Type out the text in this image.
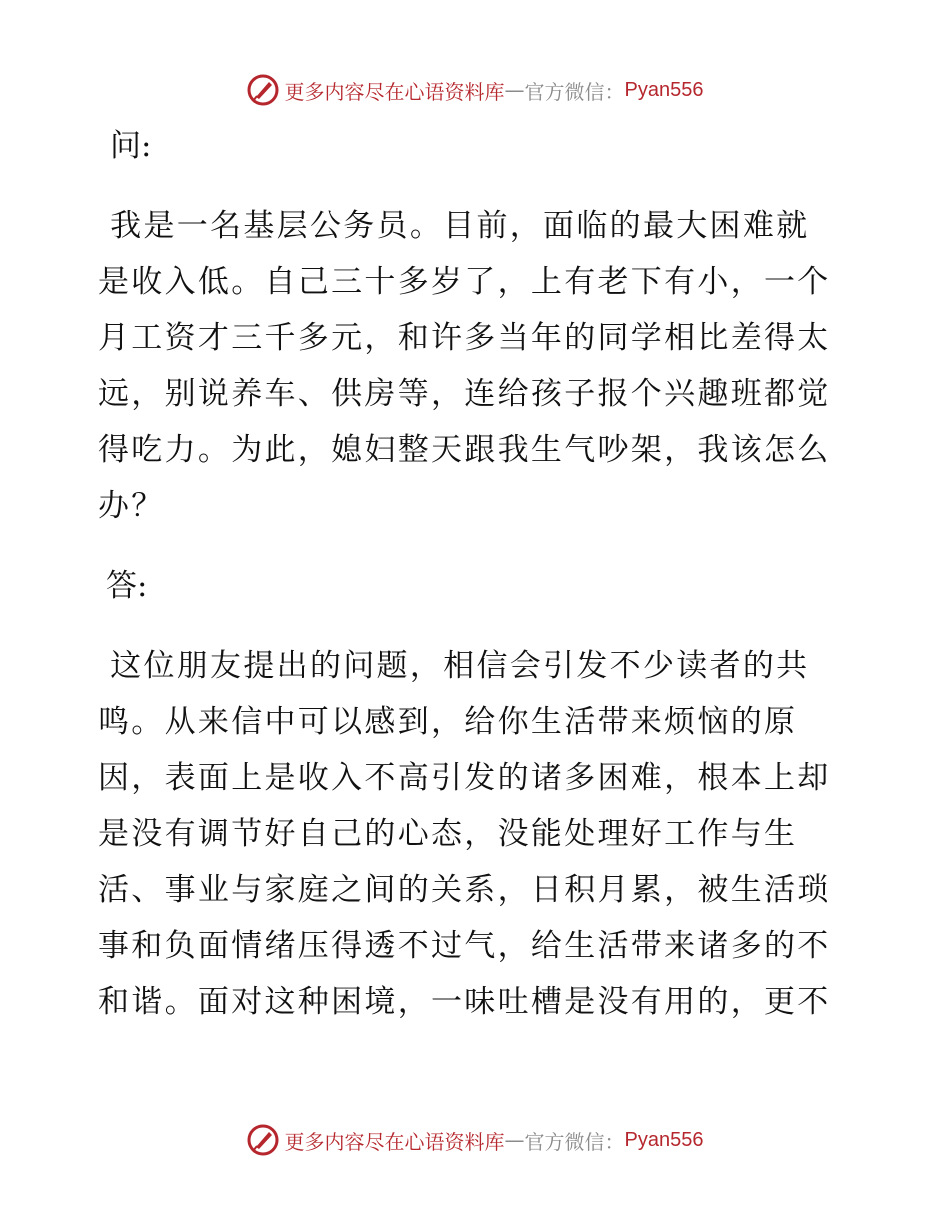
更多内容尽在心语资料库 — 官方微信： Pyan556

问:

我是一名基层公务员。目前，面临的最大困难就
是收入低。自己三十多岁了，上有老下有小，一个
月工资才三千多元，和许多当年的同学相比差得太
远，别说养车、供房等，连给孩子报个兴趣班都觉
得吃力。为此，媳妇整天跟我生气吵架，我该怎么
办？

答:

这位朋友提出的问题，相信会引发不少读者的共
鸣。从来信中可以感到，给你生活带来烦恼的原
因，表面上是收入不高引发的诸多困难，根本上却
是没有调节好自己的心态，没能处理好工作与生
活、事业与家庭之间的关系，日积月累，被生活琐
事和负面情绪压得透不过气，给生活带来诸多的不
和谐。面对这种困境，一味吐槽是没有用的，更不
更多内容尽在心语资料库 — 官方微信： Pyan556
